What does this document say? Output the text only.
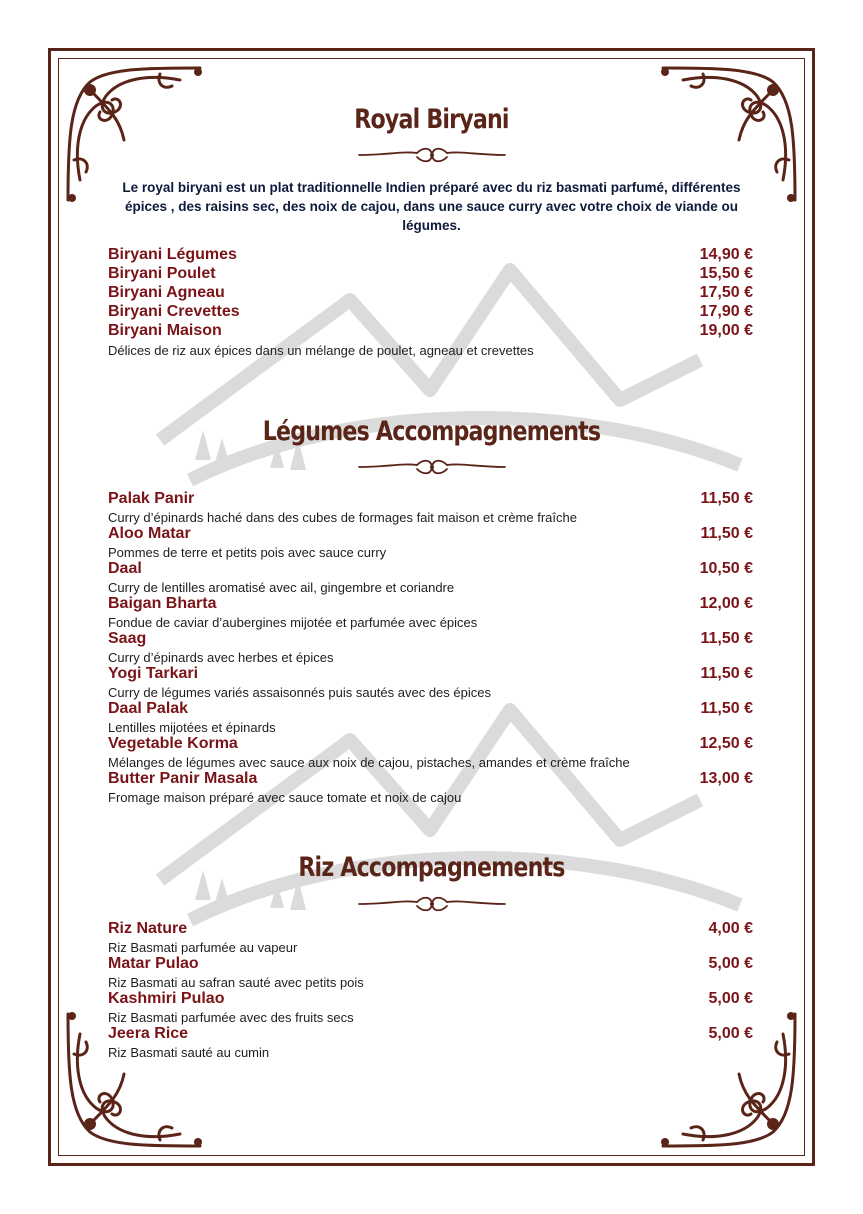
Royal Biryani
Le royal biryani est un plat traditionnelle Indien préparé avec du riz basmati parfumé, différentes épices , des raisins sec, des noix de cajou, dans une sauce curry avec votre choix de viande ou légumes.
Biryani Légumes	14,90 €
Biryani Poulet	15,50 €
Biryani Agneau	17,50 €
Biryani Crevettes	17,90 €
Biryani Maison	19,00 €
Délices de riz aux épices dans un mélange de poulet, agneau et crevettes
Légumes Accompagnements
Palak Panir	11,50 €
Curry d’épinards haché dans des cubes de formages fait maison et crème fraîche
Aloo Matar	11,50 €
Pommes de terre et petits pois avec sauce curry
Daal	10,50 €
Curry de lentilles aromatisé avec ail, gingembre et coriandre
Baigan Bharta	12,00 €
Fondue de caviar d’aubergines mijotée et parfumée avec épices
Saag	11,50 €
Curry d’épinards avec herbes et épices
Yogi Tarkari	11,50 €
Curry de légumes variés assaisonnés puis sautés avec des épices
Daal Palak	11,50 €
Lentilles mijotées et épinards
Vegetable Korma	12,50 €
Mélanges de légumes avec sauce aux noix de cajou, pistaches, amandes et crème fraîche
Butter Panir Masala	13,00 €
Fromage maison préparé avec sauce tomate et noix de cajou
Riz Accompagnements
Riz Nature	4,00 €
Riz Basmati parfumée au vapeur
Matar Pulao	5,00 €
Riz Basmati au safran sauté avec petits pois
Kashmiri Pulao	5,00 €
Riz Basmati parfumée avec des fruits secs
Jeera Rice	5,00 €
Riz Basmati sauté au cumin
